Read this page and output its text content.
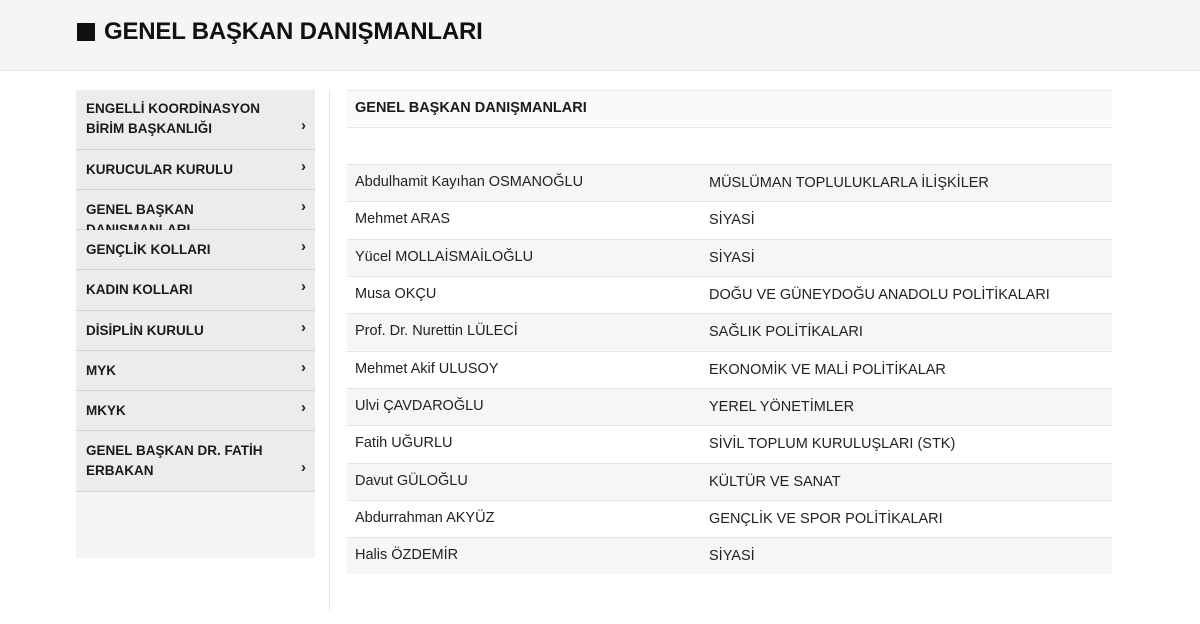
GENEL BAŞKAN DANIŞMANLARI
ENGELLİ KOORDİNASYON BİRİM BAŞKANLIĞI	›
KURUCULAR KURULU	›
GENEL BAŞKAN	›
GENÇLİK KOLLARI	›
KADIN KOLLARI	›
DİSİPLİN KURULU	›
MYK	›
MKYK	›
GENEL BAŞKAN DR. FATİH ERBAKAN	›
GENEL BAŞKAN DANIŞMANLARI
Abdulhamit Kayıhan OSMANOĞLU	MÜSLÜMAN TOPLULUKLARLA İLİŞKİLER
Mehmet ARAS	SİYASİ
Yücel MOLLAİSMAİLOĞLU	SİYASİ
Musa OKÇU	DOĞU VE GÜNEYDOĞU ANADOLU POLİTİKALARI
Prof. Dr. Nurettin LÜLECİ	SAĞLIK POLİTİKALARI
Mehmet Akif ULUSOY	EKONOMİK VE MALİ POLİTİKALAR
Ulvi ÇAVDAROĞLU	YEREL YÖNETİMLER
Fatih UĞURLU	SİVİL TOPLUM KURULUŞLARI (STK)
Davut GÜLOĞLU	KÜLTÜR VE SANAT
Abdurrahman AKYÜZ	GENÇLİK VE SPOR POLİTİKALARI
Halis ÖZDEMİR	SİYASİ
